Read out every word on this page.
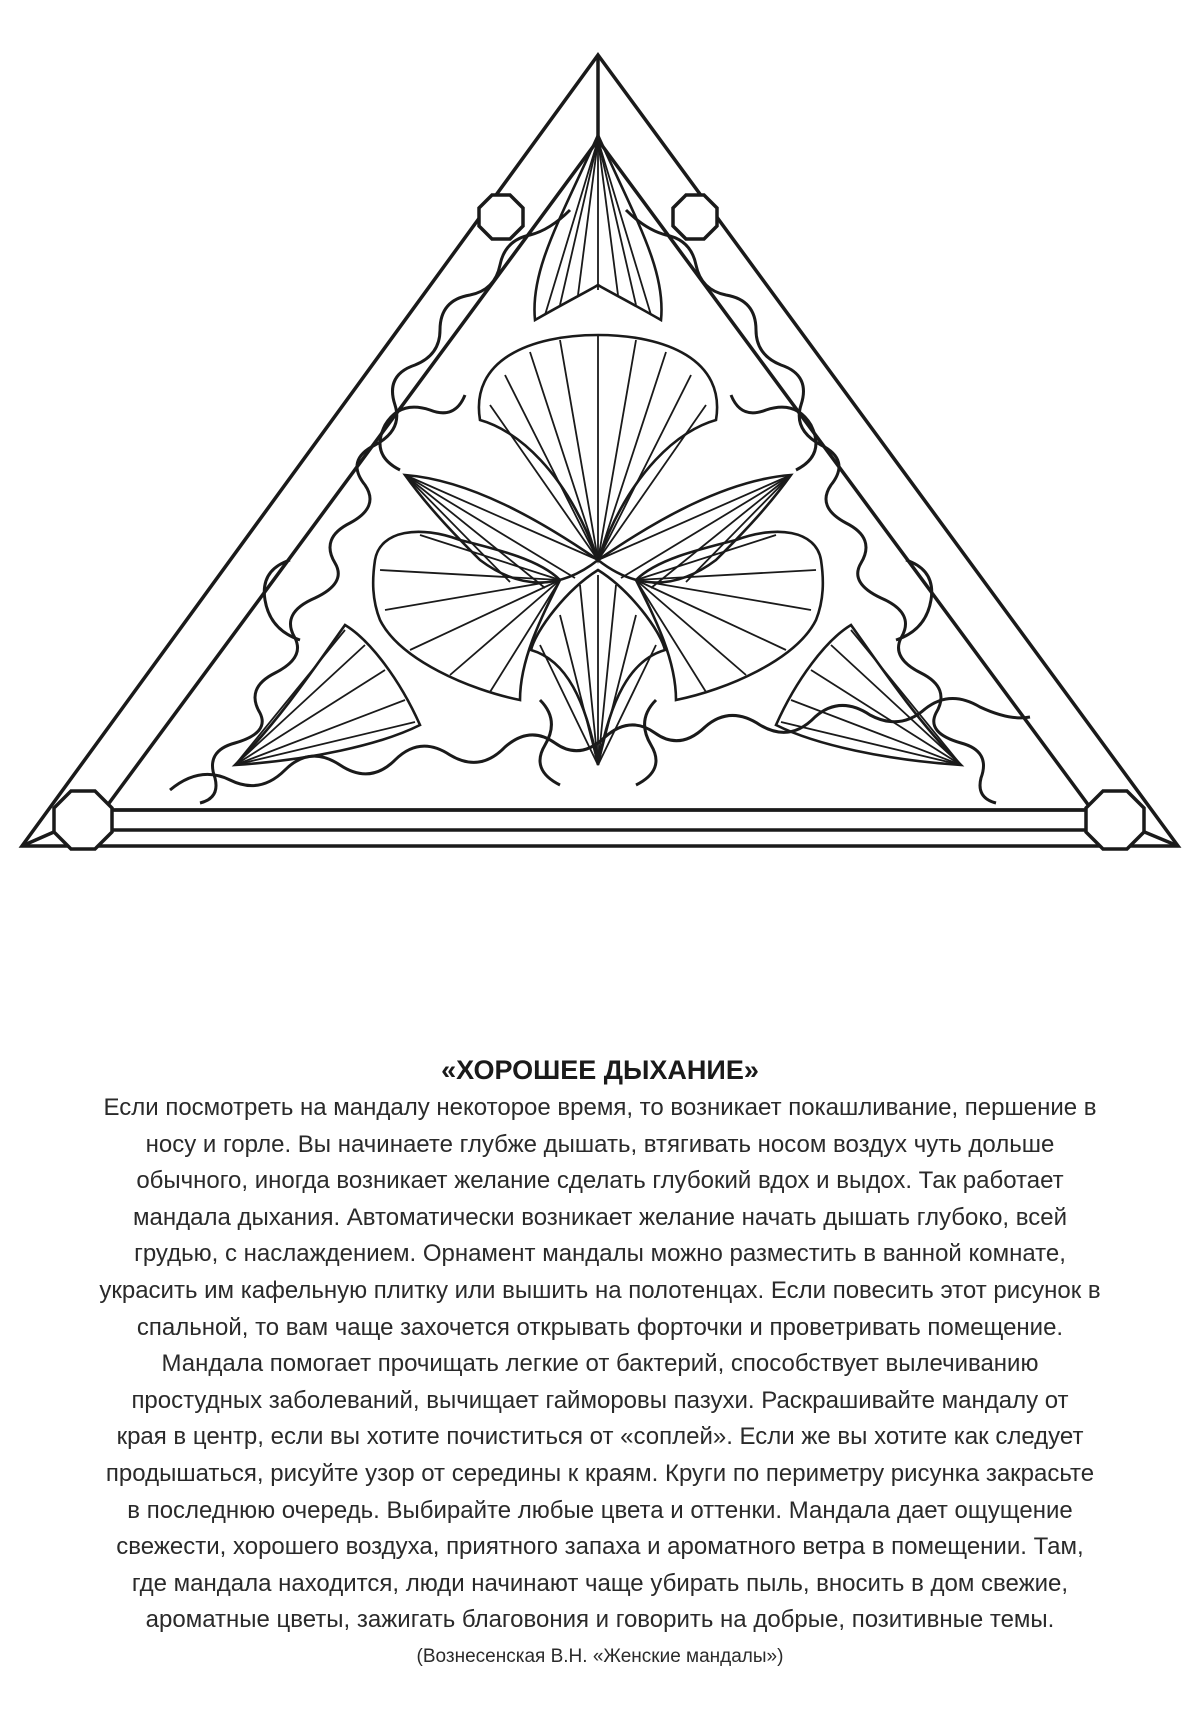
«ХОРОШЕЕ ДЫХАНИЕ»

Если посмотреть на мандалу некоторое время, то возникает покашливание, першение в
носу и горле. Вы начинаете глубже дышать, втягивать носом воздух чуть дольше
обычного, иногда возникает желание сделать глубокий вдох и выдох. Так работает
мандала дыхания. Автоматически возникает желание начать дышать глубоко, всей
грудью, с наслаждением. Орнамент мандалы можно разместить в ванной комнате,
украсить им кафельную плитку или вышить на полотенцах. Если повесить этот рисунок в
спальной, то вам чаще захочется открывать форточки и проветривать помещение.
Мандала помогает прочищать легкие от бактерий, способствует вылечиванию
простудных заболеваний, вычищает гайморовы пазухи. Раскрашивайте мандалу от
края в центр, если вы хотите почиститься от «соплей». Если же вы хотите как следует
продышаться, рисуйте узор от середины к краям. Круги по периметру рисунка закрасьте
в последнюю очередь. Выбирайте любые цвета и оттенки. Мандала дает ощущение
свежести, хорошего воздуха, приятного запаха и ароматного ветра в помещении. Там,
где мандала находится, люди начинают чаще убирать пыль, вносить в дом свежие,
ароматные цветы, зажигать благовония и говорить на добрые, позитивные темы.
(Вознесенская В.Н. «Женские мандалы»)
